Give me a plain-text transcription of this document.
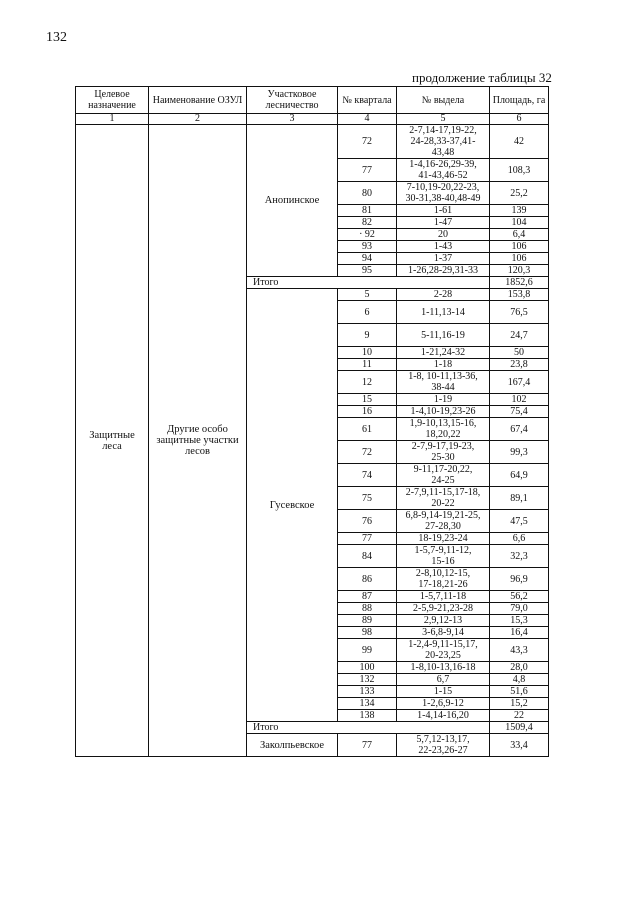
132
продолжение таблицы 32
Целевое назначение	Наименование ОЗУЛ	Участковое лесничество	№ квартала	№ выдела	Площадь, га
1	2	3	4	5	6
Защитные
леса	Другие особо
защитные участки
лесов	Анопинское	72	2-7,14-17,19-22,
24-28,33-37,41-
43,48	42
			77	1-4,16-26,29-39,
41-43,46-52	108,3
			80	7-10,19-20,22-23,
30-31,38-40,48-49	25,2
			81	1-61	139
			82	1-47	104
			· 92	20	6,4
			93	1-43	106
			94	1-37	106
			95	1-26,28-29,31-33	120,3
		Итого			1852,6
		Гусевское	5	2-28	153,8
			6	1-11,13-14	76,5
			9	5-11,16-19	24,7
			10	1-21,24-32	50
			11	1-18	23,8
			12	1-8, 10-11,13-36,
38-44	167,4
			15	1-19	102
			16	1-4,10-19,23-26	75,4
			61	1,9-10,13,15-16,
18,20,22	67,4
			72	2-7,9-17,19-23,
25-30	99,3
			74	9-11,17-20,22,
24-25	64,9
			75	2-7,9,11-15,17-18,
20-22	89,1
			76	6,8-9,14-19,21-25,
27-28,30	47,5
			77	18-19,23-24	6,6
			84	1-5,7-9,11-12,
15-16	32,3
			86	2-8,10,12-15,
17-18,21-26	96,9
			87	1-5,7,11-18	56,2
			88	2-5,9-21,23-28	79,0
			89	2,9,12-13	15,3
			98	3-6,8-9,14	16,4
			99	1-2,4-9,11-15,17,
20-23,25	43,3
			100	1-8,10-13,16-18	28,0
			132	6,7	4,8
			133	1-15	51,6
			134	1-2,6,9-12	15,2
			138	1-4,14-16,20	22
		Итого			1509,4
		Заколпьевское	77	5,7,12-13,17,
22-23,26-27	33,4
